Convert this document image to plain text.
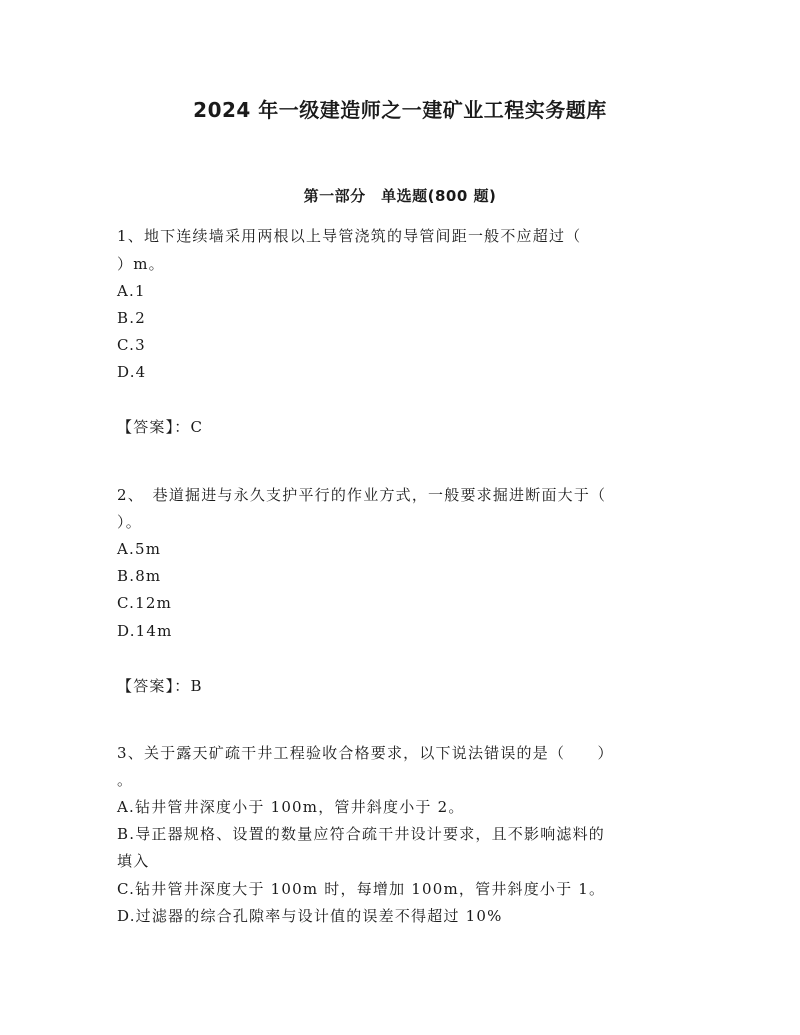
2024 年一级建造师之一建矿业工程实务题库
第一部分　单选题(800 题)
1、地下连续墙采用两根以上导管浇筑的导管间距一般不应超过（
）m。
A.1
B.2
C.3
D.4
【答案】：C
2、　巷道掘进与永久支护平行的作业方式，一般要求掘进断面大于（
）。
A.5m
B.8m
C.12m
D.14m
【答案】：B
3、关于露天矿疏干井工程验收合格要求，以下说法错误的是（　　）
。
A.钻井管井深度小于 100m，管井斜度小于 2。
B.导正器规格、设置的数量应符合疏干井设计要求，且不影响滤料的
填入
C.钻井管井深度大于 100m 时，每增加 100m，管井斜度小于 1。
D.过滤器的综合孔隙率与设计值的误差不得超过 10%
